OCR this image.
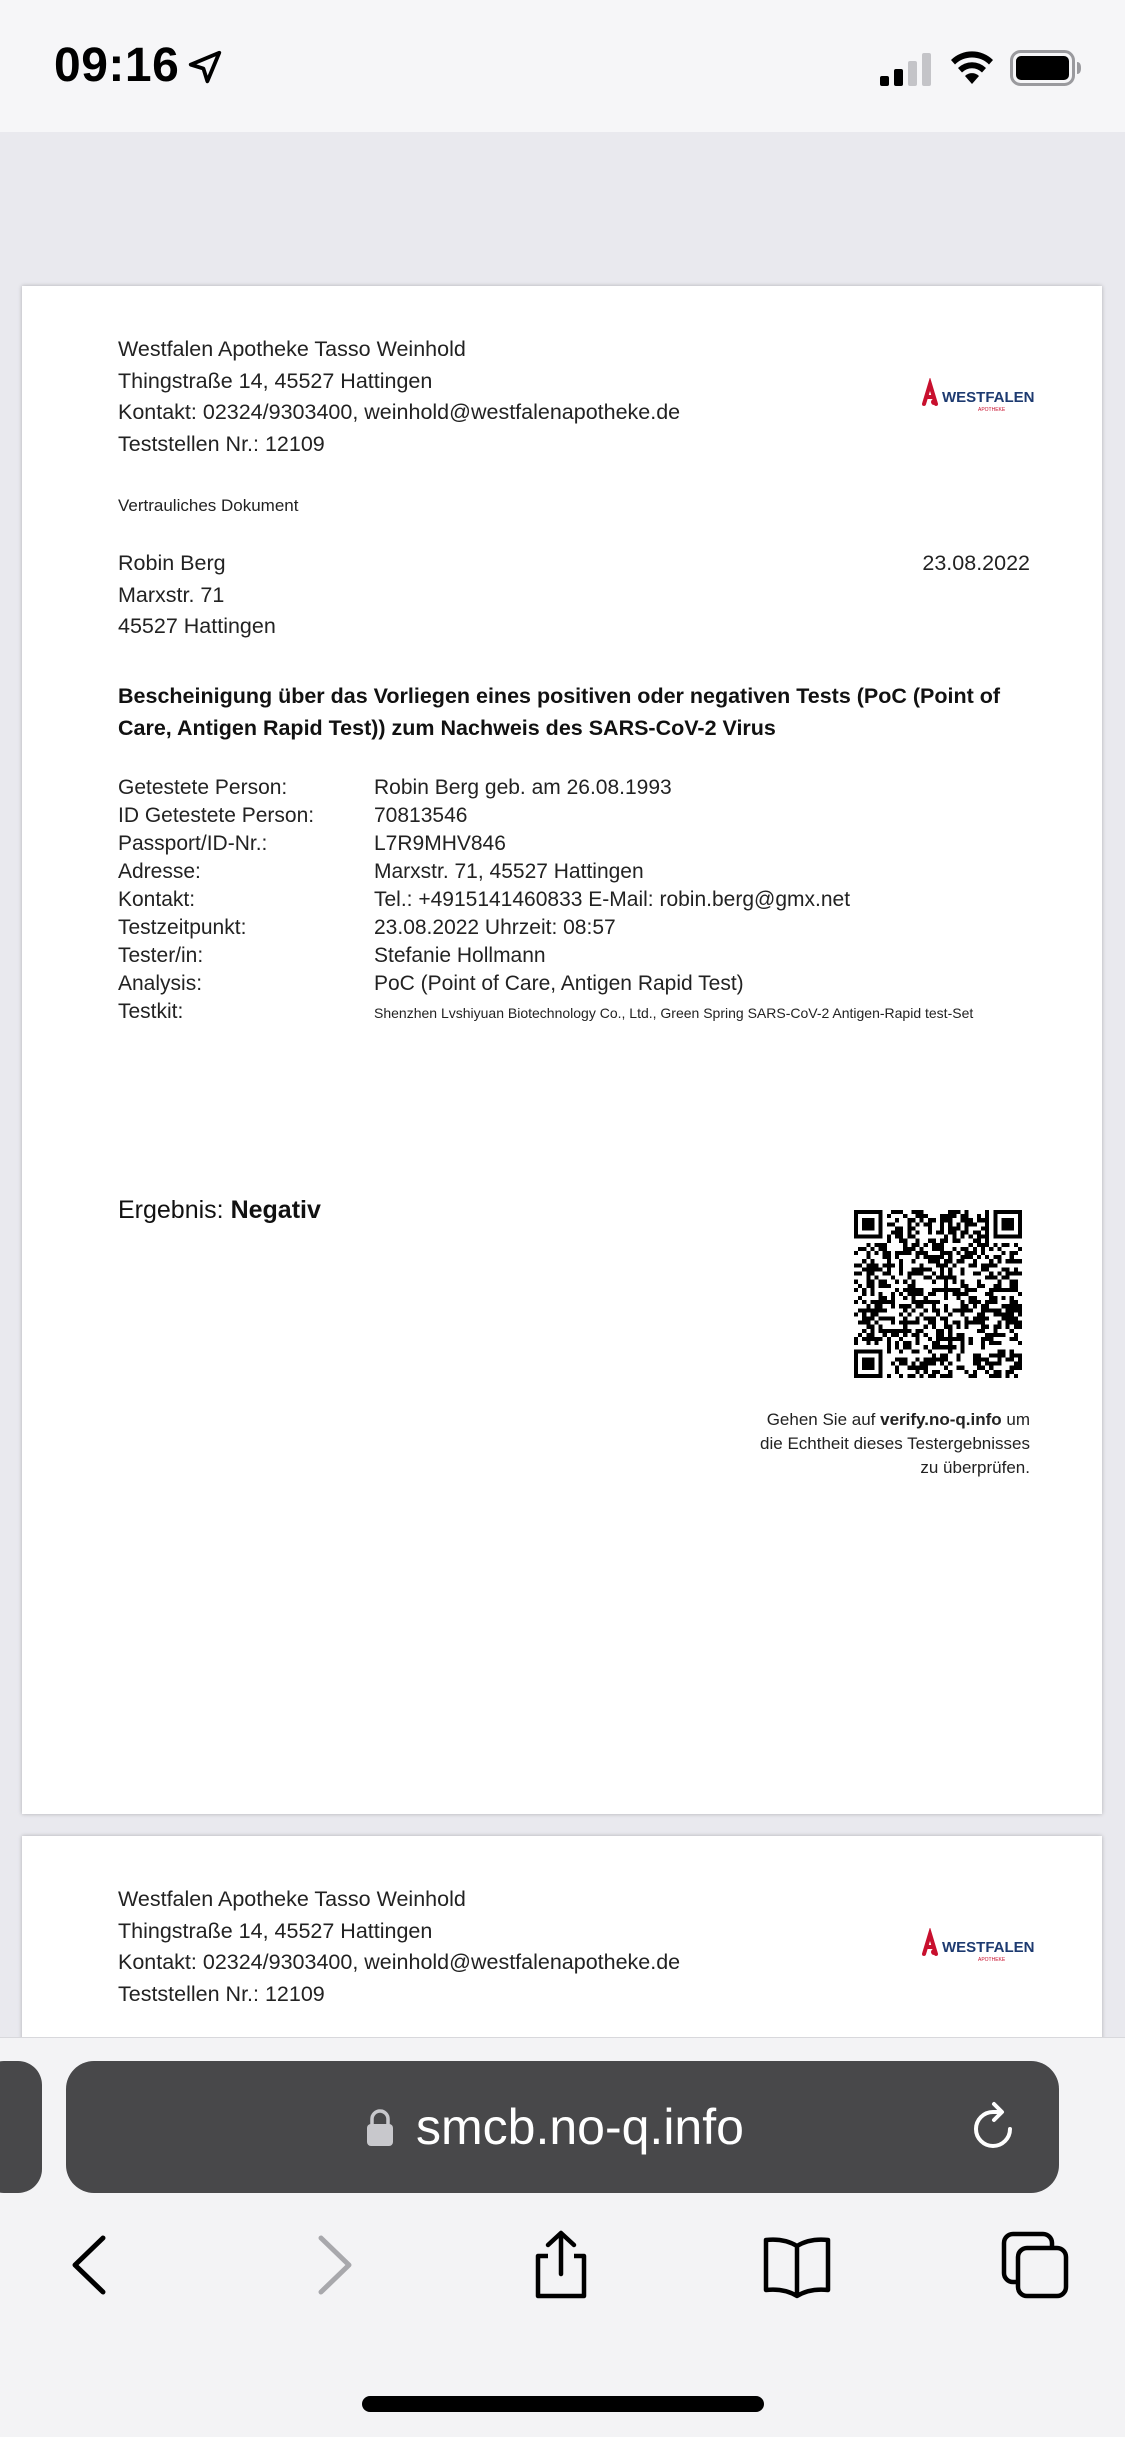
09:16
Westfalen Apotheke Tasso Weinhold
Thingstraße 14, 45527 Hattingen
Kontakt: 02324/9303400, weinhold@westfalenapotheke.de
Teststellen Nr.: 12109
WESTFALEN
APOTHEKE
Vertrauliches Dokument
Robin Berg
Marxstr. 71
45527 Hattingen
23.08.2022
Bescheinigung über das Vorliegen eines positiven oder negativen Tests (PoC (Point of Care, Antigen Rapid Test)) zum Nachweis des SARS-CoV-2 Virus
Getestete Person:	Robin Berg geb. am 26.08.1993
ID Getestete Person:	70813546
Passport/ID-Nr.:	L7R9MHV846
Adresse:	Marxstr. 71, 45527 Hattingen
Kontakt:	Tel.: +4915141460833 E-Mail: robin.berg@gmx.net
Testzeitpunkt:	23.08.2022 Uhrzeit: 08:57
Tester/in:	Stefanie Hollmann
Analysis:	PoC (Point of Care, Antigen Rapid Test)
Testkit:	Shenzhen Lvshiyuan Biotechnology Co., Ltd., Green Spring SARS-CoV-2 Antigen-Rapid test-Set
Ergebnis: Negativ
Gehen Sie auf verify.no-q.info um
die Echtheit dieses Testergebnisses
zu überprüfen.
Westfalen Apotheke Tasso Weinhold
Thingstraße 14, 45527 Hattingen
Kontakt: 02324/9303400, weinhold@westfalenapotheke.de
Teststellen Nr.: 12109
WESTFALEN
APOTHEKE
smcb.no-q.info
